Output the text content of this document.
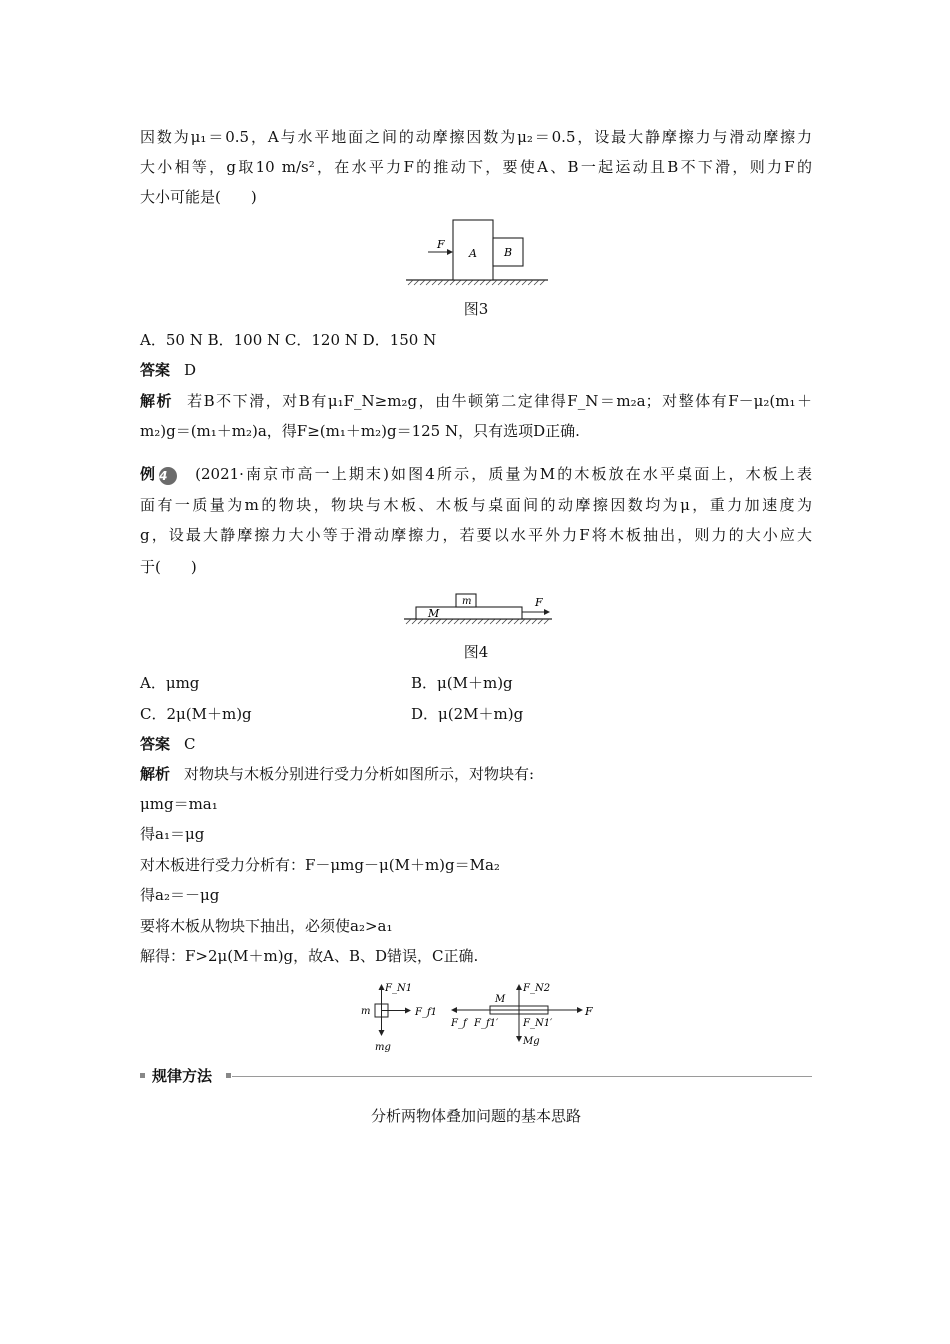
因数为μ₁＝0.5，A与水平地面之间的动摩擦因数为μ₂＝0.5，设最大静摩擦力与滑动摩擦力
大小相等，g取10 m/s²，在水平力F的推动下，要使A、B一起运动且B不下滑，则力F的
大小可能是(　　)
F
A B
图3
A．50 N B．100 N C．120 N D．150 N
答案 D
解析 若B不下滑，对B有μ₁F_N≥m₂g，由牛顿第二定律得F_N＝m₂a；对整体有F－μ₂(m₁＋
m₂)g＝(m₁＋m₂)a，得F≥(m₁＋m₂)g＝125 N，只有选项D正确.
例 4 (2021·南京市高一上期末)如图4所示，质量为M的木板放在水平桌面上，木板上表
面有一质量为m的物块，物块与木板、木板与桌面间的动摩擦因数均为μ，重力加速度为
g，设最大静摩擦力大小等于滑动摩擦力，若要以水平外力F将木板抽出，则力的大小应大
于(　　)
M
m	F
图4
A．μmg	B．μ(M＋m)g
C．2μ(M＋m)g	D．μ(2M＋m)g
答案 C
解析 对物块与木板分别进行受力分析如图所示，对物块有:
μmg＝ma₁
得a₁＝μg
对木板进行受力分析有：F－μmg－μ(M＋m)g＝Ma₂
得a₂＝－μg
要将木板从物块下抽出，必须使a₂>a₁
解得：F>2μ(M＋m)g，故A、B、D错误，C正确.
F_N1
F_f1
m
mg
M
F_N2
F_f F_f1′ F_N1′
Mg
F
规律方法
分析两物体叠加问题的基本思路
